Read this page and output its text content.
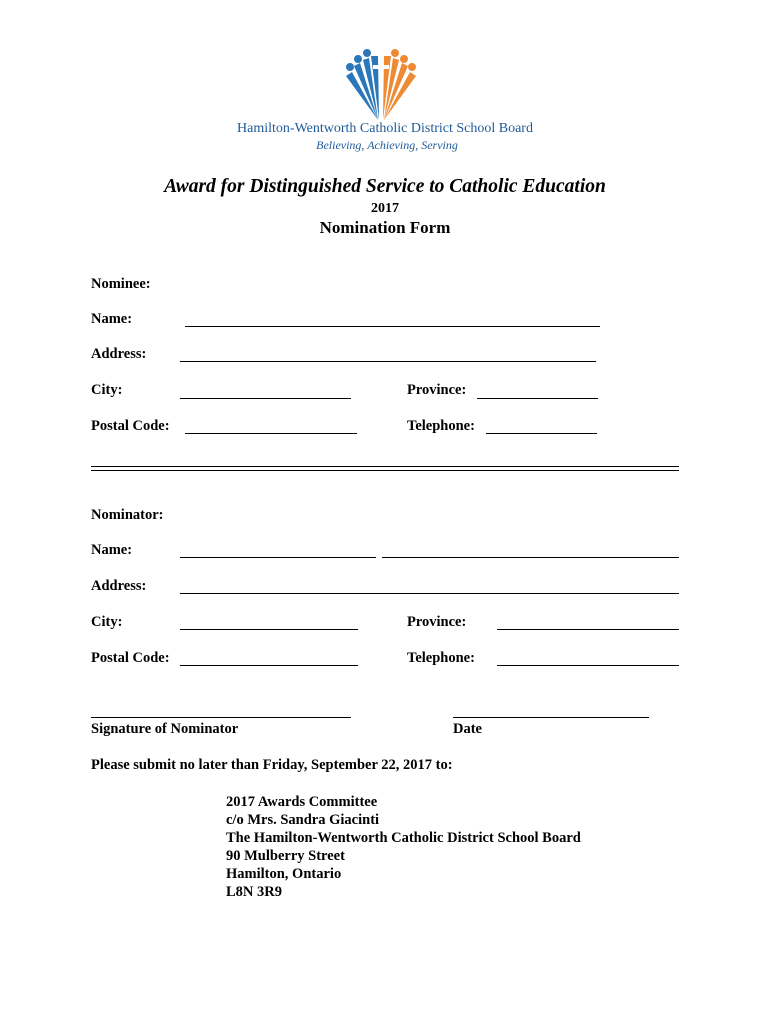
Hamilton-Wentworth Catholic District School Board
Believing, Achieving, Serving
Award for Distinguished Service to Catholic Education
2017
Nomination Form
Nominee:
Name:
Address:
City:	Province:
Postal Code:	Telephone:
Nominator:
Name:
Address:
City:	Province:
Postal Code:	Telephone:
Signature of Nominator	Date
Please submit no later than Friday, September 22, 2017 to:
2017 Awards Committee
c/o Mrs. Sandra Giacinti
The Hamilton-Wentworth Catholic District School Board
90 Mulberry Street
Hamilton, Ontario
L8N 3R9
